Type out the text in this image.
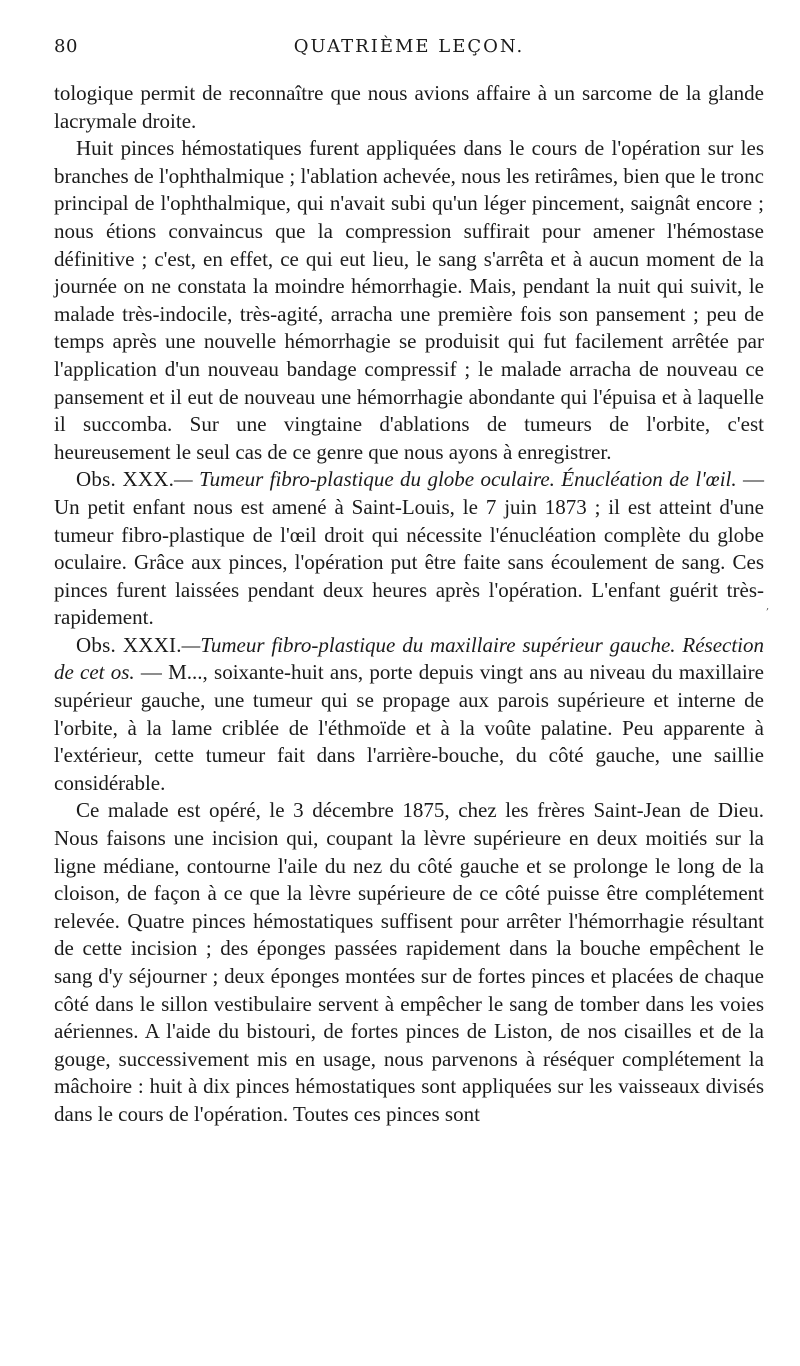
80	QUATRIÈME LEÇON.

tologique permit de reconnaître que nous avions affaire à un sarcome de la glande lacrymale droite.

Huit pinces hémostatiques furent appliquées dans le cours de l'opération sur les branches de l'ophthalmique ; l'ablation achevée, nous les retirâmes, bien que le tronc principal de l'ophthalmique, qui n'avait subi qu'un léger pincement, saignât encore ; nous étions convaincus que la compression suffirait pour amener l'hémostase définitive ; c'est, en effet, ce qui eut lieu, le sang s'arrêta et à aucun moment de la journée on ne constata la moindre hémorrhagie. Mais, pendant la nuit qui suivit, le malade très-indocile, très-agité, arracha une première fois son pansement ; peu de temps après une nouvelle hémorrhagie se produisit qui fut facilement arrêtée par l'application d'un nouveau bandage compressif ; le malade arracha de nouveau ce pansement et il eut de nouveau une hémorrhagie abondante qui l'épuisa et à laquelle il succomba. Sur une vingtaine d'ablations de tumeurs de l'orbite, c'est heureusement le seul cas de ce genre que nous ayons à enregistrer.

Obs. XXX.— Tumeur fibro-plastique du globe oculaire. Énucléation de l'œil. — Un petit enfant nous est amené à Saint-Louis, le 7 juin 1873 ; il est atteint d'une tumeur fibro-plastique de l'œil droit qui nécessite l'énucléation complète du globe oculaire. Grâce aux pinces, l'opération put être faite sans écoulement de sang. Ces pinces furent laissées pendant deux heures après l'opération. L'enfant guérit très-rapidement.

Obs. XXXI.—Tumeur fibro-plastique du maxillaire supérieur gauche. Résection de cet os. — M..., soixante-huit ans, porte depuis vingt ans au niveau du maxillaire supérieur gauche, une tumeur qui se propage aux parois supérieure et interne de l'orbite, à la lame criblée de l'éthmoïde et à la voûte palatine. Peu apparente à l'extérieur, cette tumeur fait dans l'arrière-bouche, du côté gauche, une saillie considérable.

Ce malade est opéré, le 3 décembre 1875, chez les frères Saint-Jean de Dieu. Nous faisons une incision qui, coupant la lèvre supérieure en deux moitiés sur la ligne médiane, contourne l'aile du nez du côté gauche et se prolonge le long de la cloison, de façon à ce que la lèvre supérieure de ce côté puisse être complétement relevée. Quatre pinces hémostatiques suffisent pour arrêter l'hémorrhagie résultant de cette incision ; des éponges passées rapidement dans la bouche empêchent le sang d'y séjourner ; deux éponges montées sur de fortes pinces et placées de chaque côté dans le sillon vestibulaire servent à empêcher le sang de tomber dans les voies aériennes. A l'aide du bistouri, de fortes pinces de Liston, de nos cisailles et de la gouge, successivement mis en usage, nous parvenons à réséquer complétement la mâchoire : huit à dix pinces hémostatiques sont appliquées sur les vaisseaux divisés dans le cours de l'opération. Toutes ces pinces sont

,
